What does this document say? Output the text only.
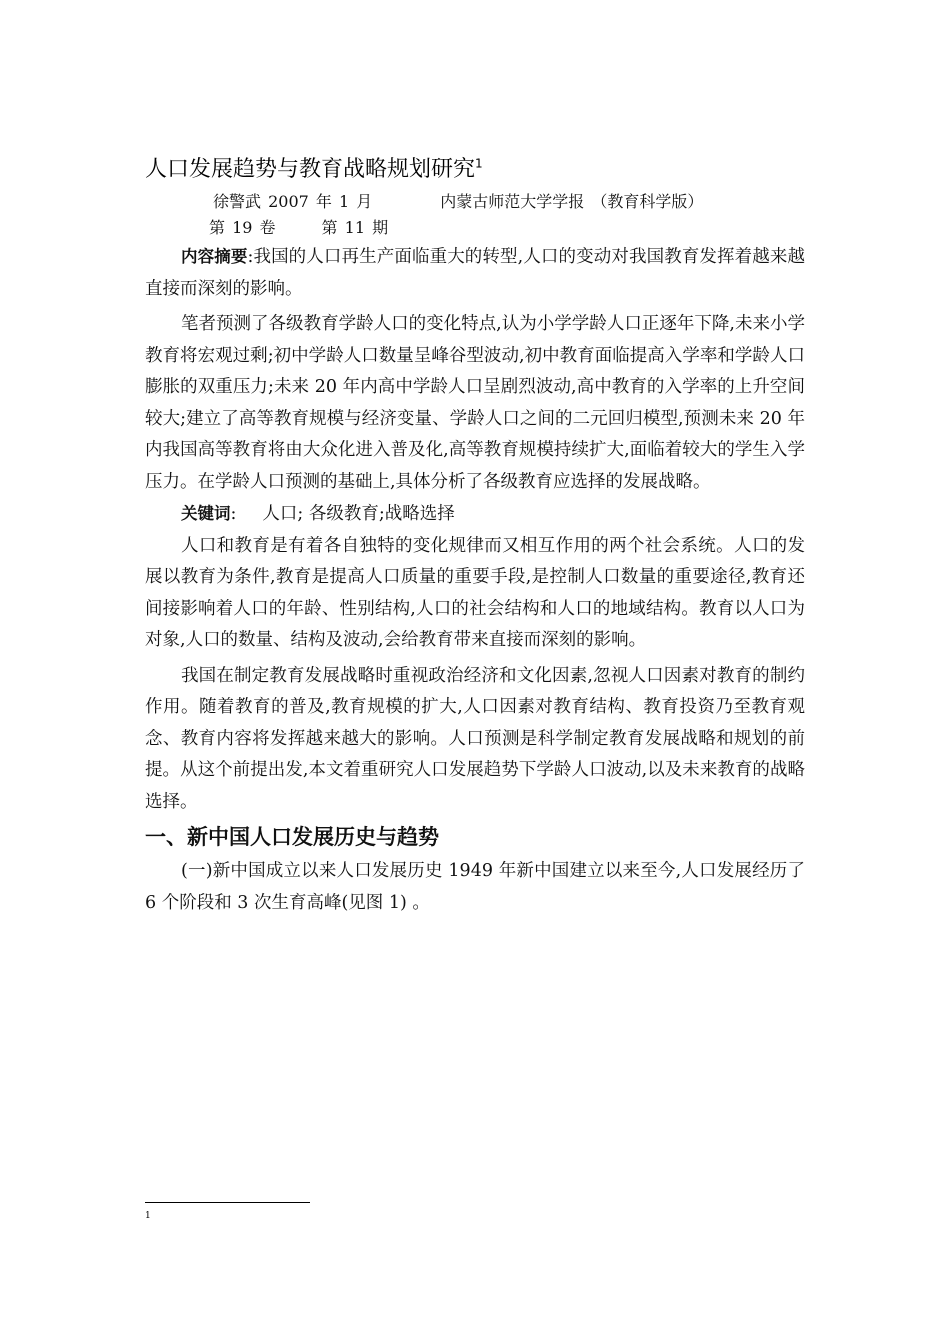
人口发展趋势与教育战略规划研究$^1$
徐警武 2007 年 1 月	内蒙古师范大学学报 （教育科学版）第 19 卷	第 11 期

内容摘要:我国的人口再生产面临重大的转型,人口的变动对我国教育发挥着越来越直接而深刻的影响。

笔者预测了各级教育学龄人口的变化特点,认为小学学龄人口正逐年下降,未来小学教育将宏观过剩;初中学龄人口数量呈峰谷型波动,初中教育面临提高入学率和学龄人口膨胀的双重压力;未来 20 年内高中学龄人口呈剧烈波动,高中教育的入学率的上升空间较大;建立了高等教育规模与经济变量、学龄人口之间的二元回归模型,预测未来 20 年内我国高等教育将由大众化进入普及化,高等教育规模持续扩大,面临着较大的学生入学压力。在学龄人口预测的基础上,具体分析了各级教育应选择的发展战略。

关键词: 人口; 各级教育;战略选择

人口和教育是有着各自独特的变化规律而又相互作用的两个社会系统。人口的发展以教育为条件,教育是提高人口质量的重要手段,是控制人口数量的重要途径,教育还间接影响着人口的年龄、性别结构,人口的社会结构和人口的地域结构。教育以人口为对象,人口的数量、结构及波动,会给教育带来直接而深刻的影响。

我国在制定教育发展战略时重视政治经济和文化因素,忽视人口因素对教育的制约作用。随着教育的普及,教育规模的扩大,人口因素对教育结构、教育投资乃至教育观念、教育内容将发挥越来越大的影响。人口预测是科学制定教育发展战略和规划的前提。从这个前提出发,本文着重研究人口发展趋势下学龄人口波动,以及未来教育的战略选择。

一、新中国人口发展历史与趋势

(一)新中国成立以来人口发展历史 1949 年新中国建立以来至今,人口发展经历了 6 个阶段和 3 次生育高峰(见图 1) 。

1
